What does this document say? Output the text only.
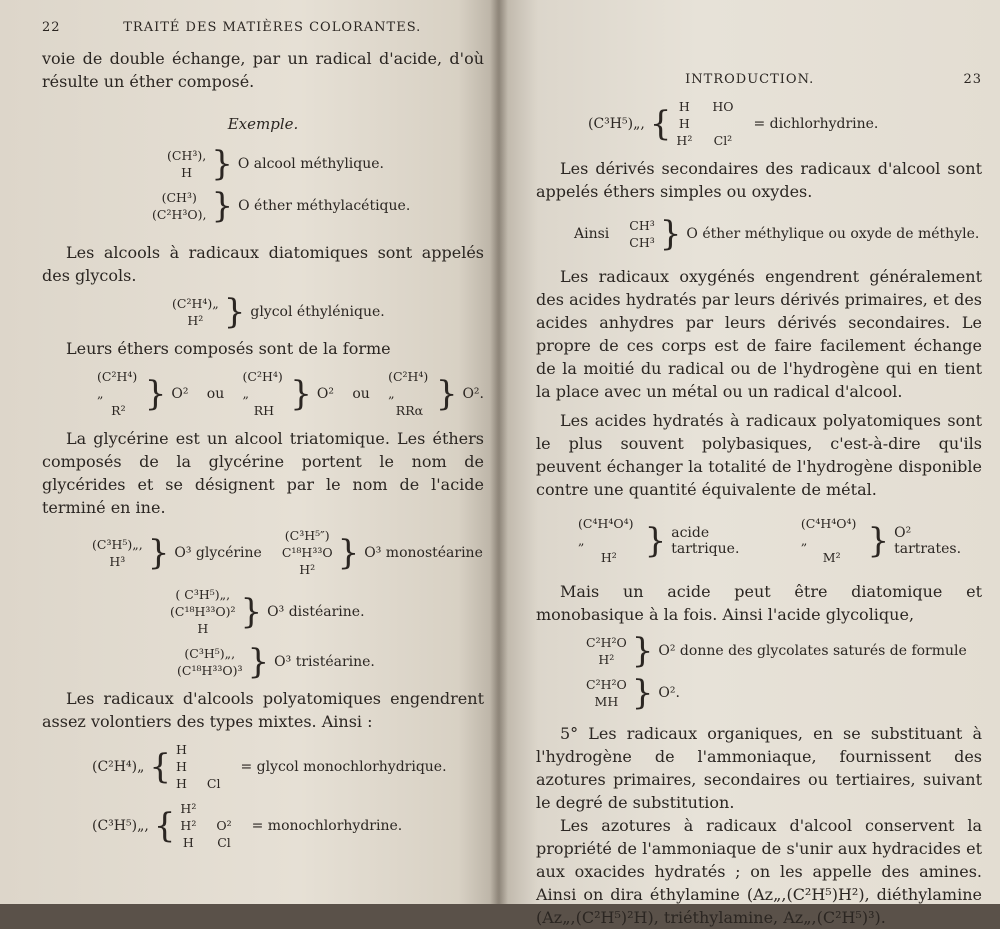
22	TRAITÉ DES MATIÈRES COLORANTES.

voie de double échange, par un radical d'acide, d'où résulte un éther composé.

Exemple.
(CH³),
H } O alcool méthylique.
(CH³)
(C²H³O), } O éther méthylacétique.

Les alcools à radicaux diatomiques sont appelés des glycols.

(C²H⁴)„
H² } glycol éthylénique.

Leurs éthers composés sont de la forme

(C²H⁴)„
R² } O² ou
(C²H⁴)„
RH } O² ou
(C²H⁴)„
RRα } O².

La glycérine est un alcool triatomique. Les éthers composés de la glycérine portent le nom de glycérides et se désignent par le nom de l'acide terminé en ine.

(C³H⁵)„,
H³ } O³ glycérine
(C³H⁵″)
C¹⁸H³³O
H² } O³ monostéarine
( C³H⁵)„,
(C¹⁸H³³O)²
H } O³ distéarine.
(C³H⁵)„,
(C¹⁸H³³O)³ } O³ tristéarine.

Les radicaux d'alcools polyatomiques engendrent assez volontiers des types mixtes. Ainsi :

(C²H⁴)„ { H
H
H

Cl
= glycol monochlorhydrique.
(C³H⁵)„, { H²
H²
H

O²
Cl
= monochlorhydrine.
INTRODUCTION.	23
(C³H⁵)„, { H
H
H²
HO

Cl²
= dichlorhydrine.

Les dérivés secondaires des radicaux d'alcool sont appelés éthers simples ou oxydes.

Ainsi
CH³
CH³ } O éther méthylique ou oxyde de méthyle.

Les radicaux oxygénés engendrent généralement des acides hydratés par leurs dérivés primaires, et des acides anhydres par leurs dérivés secondaires. Le propre de ces corps est de faire facilement échange de la moitié du radical ou de l'hydrogène qui en tient la place avec un métal ou un radical d'alcool.

Les acides hydratés à radicaux polyatomiques sont le plus souvent polybasiques, c'est-à-dire qu'ils peuvent échanger la totalité de l'hydrogène disponible contre une quantité équivalente de métal.

(C⁴H⁴O⁴)„
H² } acide tartrique.
(C⁴H⁴O⁴)„
M² } O² tartrates.

Mais un acide peut être diatomique et monobasique à la fois. Ainsi l'acide glycolique,

C²H²O
H² } O² donne des glycolates saturés de formule
C²H²O
MH } O².

5° Les radicaux organiques, en se substituant à l'hydrogène de l'ammoniaque, fournissent des azotures primaires, secondaires ou tertiaires, suivant le degré de substitution.

Les azotures à radicaux d'alcool conservent la propriété de l'ammoniaque de s'unir aux hydracides et aux oxacides hydratés ; on les appelle des amines. Ainsi on dira éthylamine (Az„,(C²H⁵)H²), diéthylamine (Az„,(C²H⁵)²H), triéthylamine, Az„,(C²H⁵)³).
